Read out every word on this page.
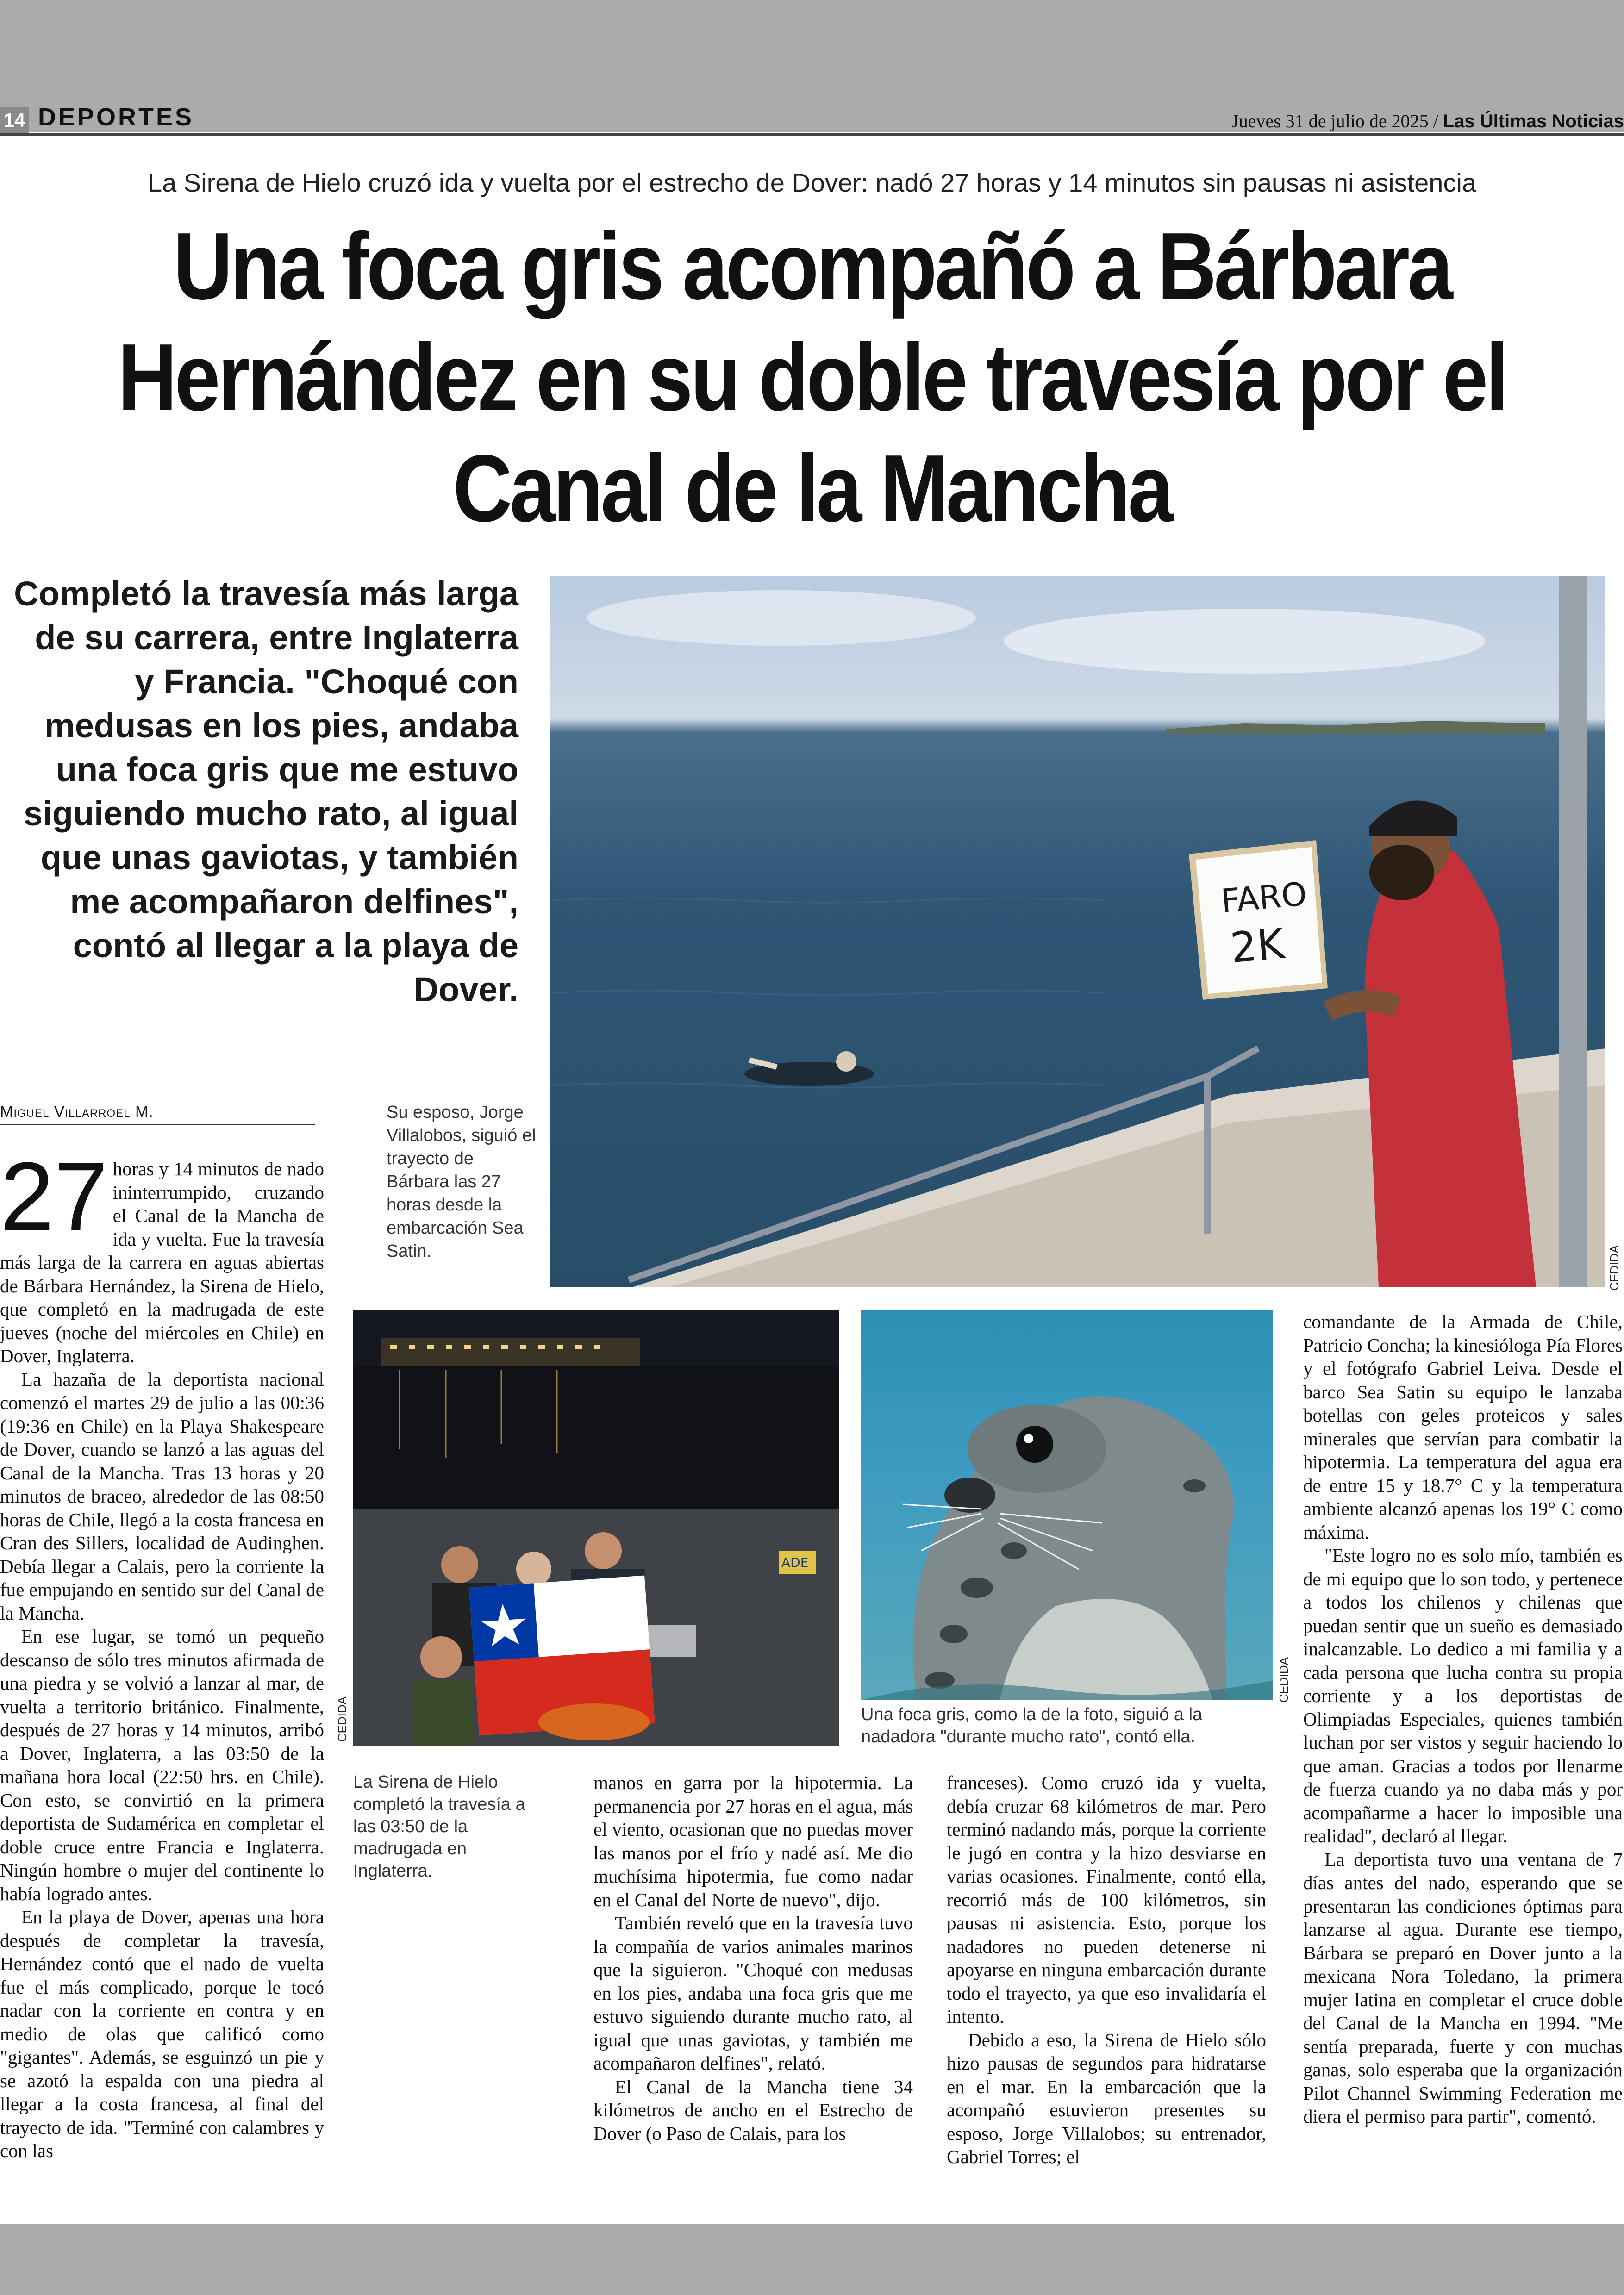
14 DEPORTES	Jueves 31 de julio de 2025 / Las Últimas Noticias
La Sirena de Hielo cruzó ida y vuelta por el estrecho de Dover: nadó 27 horas y 14 minutos sin pausas ni asistencia
Una foca gris acompañó a Bárbara
Hernández en su doble travesía por el
Canal de la Mancha
Completó la travesía más larga
de su carrera, entre Inglaterra
y Francia. "Choqué con
medusas en los pies, andaba
una foca gris que me estuvo
siguiendo mucho rato, al igual
que unas gaviotas, y también
me acompañaron delfines",
contó al llegar a la playa de
Dover.
FARO
2K
CEDIDA
Miguel Villarroel M.	Su esposo, Jorge Villalobos, siguió el trayecto de Bárbara las 27 horas desde la embarcación Sea Satin.

27 horas y 14 minutos de nado ininterrumpido, cruzando el Canal de la Mancha de ida y vuelta. Fue la travesía más larga de la carrera en aguas abiertas de Bárbara Hernández, la Sirena de Hielo, que completó en la madrugada de este jueves (noche del miércoles en Chile) en Dover, Inglaterra.

La hazaña de la deportista nacional comenzó el martes 29 de julio a las 00:36 (19:36 en Chile) en la Playa Shakespeare de Dover, cuando se lanzó a las aguas del Canal de la Mancha. Tras 13 horas y 20 minutos de braceo, alrededor de las 08:50 horas de Chile, llegó a la costa francesa en Cran des Sillers, localidad de Audinghen. Debía llegar a Calais, pero la corriente la fue empujando en sentido sur del Canal de la Mancha.

En ese lugar, se tomó un pequeño descanso de sólo tres minutos afirmada de una piedra y se volvió a lanzar al mar, de vuelta a territorio británico. Finalmente, después de 27 horas y 14 minutos, arribó a Dover, Inglaterra, a las 03:50 de la mañana hora local (22:50 hrs. en Chile). Con esto, se convirtió en la primera deportista de Sudamérica en completar el doble cruce entre Francia e Inglaterra. Ningún hombre o mujer del continente lo había logrado antes.

En la playa de Dover, apenas una hora después de completar la travesía, Hernández contó que el nado de vuelta fue el más complicado, porque le tocó nadar con la corriente en contra y en medio de olas que calificó como "gigantes". Además, se esguinzó un pie y se azotó la espalda con una piedra al llegar a la costa francesa, al final del trayecto de ida. "Terminé con calambres y con las

ADE
CEDIDA
La Sirena de Hielo completó la travesía a las 03:50 de la madrugada en Inglaterra.
CEDIDA
Una foca gris, como la de la foto, siguió a la nadadora "durante mucho rato", contó ella.

manos en garra por la hipotermia. La permanencia por 27 horas en el agua, más el viento, ocasionan que no puedas mover las manos por el frío y nadé así. Me dio muchísima hipotermia, fue como nadar en el Canal del Norte de nuevo", dijo.

También reveló que en la travesía tuvo la compañía de varios animales marinos que la siguieron. "Choqué con medusas en los pies, andaba una foca gris que me estuvo siguiendo durante mucho rato, al igual que unas gaviotas, y también me acompañaron delfines", relató.

El Canal de la Mancha tiene 34 kilómetros de ancho en el Estrecho de Dover (o Paso de Calais, para los

franceses). Como cruzó ida y vuelta, debía cruzar 68 kilómetros de mar. Pero terminó nadando más, porque la corriente le jugó en contra y la hizo desviarse en varias ocasiones. Finalmente, contó ella, recorrió más de 100 kilómetros, sin pausas ni asistencia. Esto, porque los nadadores no pueden detenerse ni apoyarse en ninguna embarcación durante todo el trayecto, ya que eso invalidaría el intento.

Debido a eso, la Sirena de Hielo sólo hizo pausas de segundos para hidratarse en el mar. En la embarcación que la acompañó estuvieron presentes su esposo, Jorge Villalobos; su entrenador, Gabriel Torres; el

comandante de la Armada de Chile, Patricio Concha; la kinesióloga Pía Flores y el fotógrafo Gabriel Leiva. Desde el barco Sea Satin su equipo le lanzaba botellas con geles proteicos y sales minerales que servían para combatir la hipotermia. La temperatura del agua era de entre 15 y 18.7° C y la temperatura ambiente alcanzó apenas los 19° C como máxima.

"Este logro no es solo mío, también es de mi equipo que lo son todo, y pertenece a todos los chilenos y chilenas que puedan sentir que un sueño es demasiado inalcanzable. Lo dedico a mi familia y a cada persona que lucha contra su propia corriente y a los deportistas de Olimpiadas Especiales, quienes también luchan por ser vistos y seguir haciendo lo que aman. Gracias a todos por llenarme de fuerza cuando ya no daba más y por acompañarme a hacer lo imposible una realidad", declaró al llegar.

La deportista tuvo una ventana de 7 días antes del nado, esperando que se presentaran las condiciones óptimas para lanzarse al agua. Durante ese tiempo, Bárbara se preparó en Dover junto a la mexicana Nora Toledano, la primera mujer latina en completar el cruce doble del Canal de la Mancha en 1994. "Me sentía preparada, fuerte y con muchas ganas, solo esperaba que la organización Pilot Channel Swimming Federation me diera el permiso para partir", comentó.
